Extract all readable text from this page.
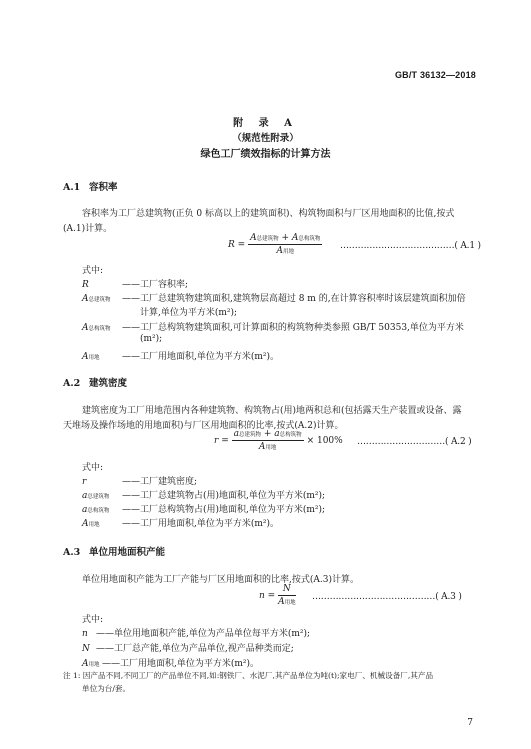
GB/T 36132—2018
附 录 A
（规范性附录）
绿色工厂绩效指标的计算方法
A.1 容积率
容积率为工厂总建筑物(正负 0 标高以上的建筑面积)、构筑物面积与厂区用地面积的比值,按式
(A.1)计算。
$R = \frac{\text{A总建筑物 + A总构筑物}}{\text{A用地}}$ …………………………………( A.1 )
式中:
R	——工厂容积率;
A总建筑物 ——工厂总建筑物建筑面积,建筑物层高超过 8 m 的,在计算容积率时该层建筑面积加倍
计算,单位为平方米(m²);
A总构筑物 ——工厂总构筑物建筑面积,可计算面积的构筑物种类参照 GB/T 50353,单位为平方米
(m²);
A用地 ——工厂用地面积,单位为平方米(m²)。
A.2 建筑密度
建筑密度为工厂用地范围内各种建筑物、构筑物占(用)地两积总和(包括露天生产装置或设备、露
天堆场及操作场地的用地面积)与厂区用地面积的比率,按式(A.2)计算。
$r = \frac{\text{a总建筑物 + a总构筑物}}{\text{A用地}} \times 100\%$ …………………………( A.2 )
式中:
r	——工厂建筑密度;
a总建筑物 ——工厂总建筑物占(用)地面积,单位为平方米(m²);
a总构筑物 ——工厂总构筑物占(用)地面积,单位为平方米(m²);
A用地 ——工厂用地面积,单位为平方米(m²)。
A.3 单位用地面积产能
单位用地面积产能为工厂产能与厂区用地面积的比率,按式(A.3)计算。
$n = \frac{N}{\text{A用地}}$ ……………………………………( A.3 )
式中:
n ——单位用地面积产能,单位为产品单位每平方米(m²);
N ——工厂总产能,单位为产品单位,视产品种类而定;
A用地 ——工厂用地面积,单位为平方米(m²)。
注 1: 因产品不同,不同工厂的产品单位不同,如:钢铁厂、水泥厂,其产品单位为吨(t);家电厂、机械设备厂,其产品
单位为台/套。
7
